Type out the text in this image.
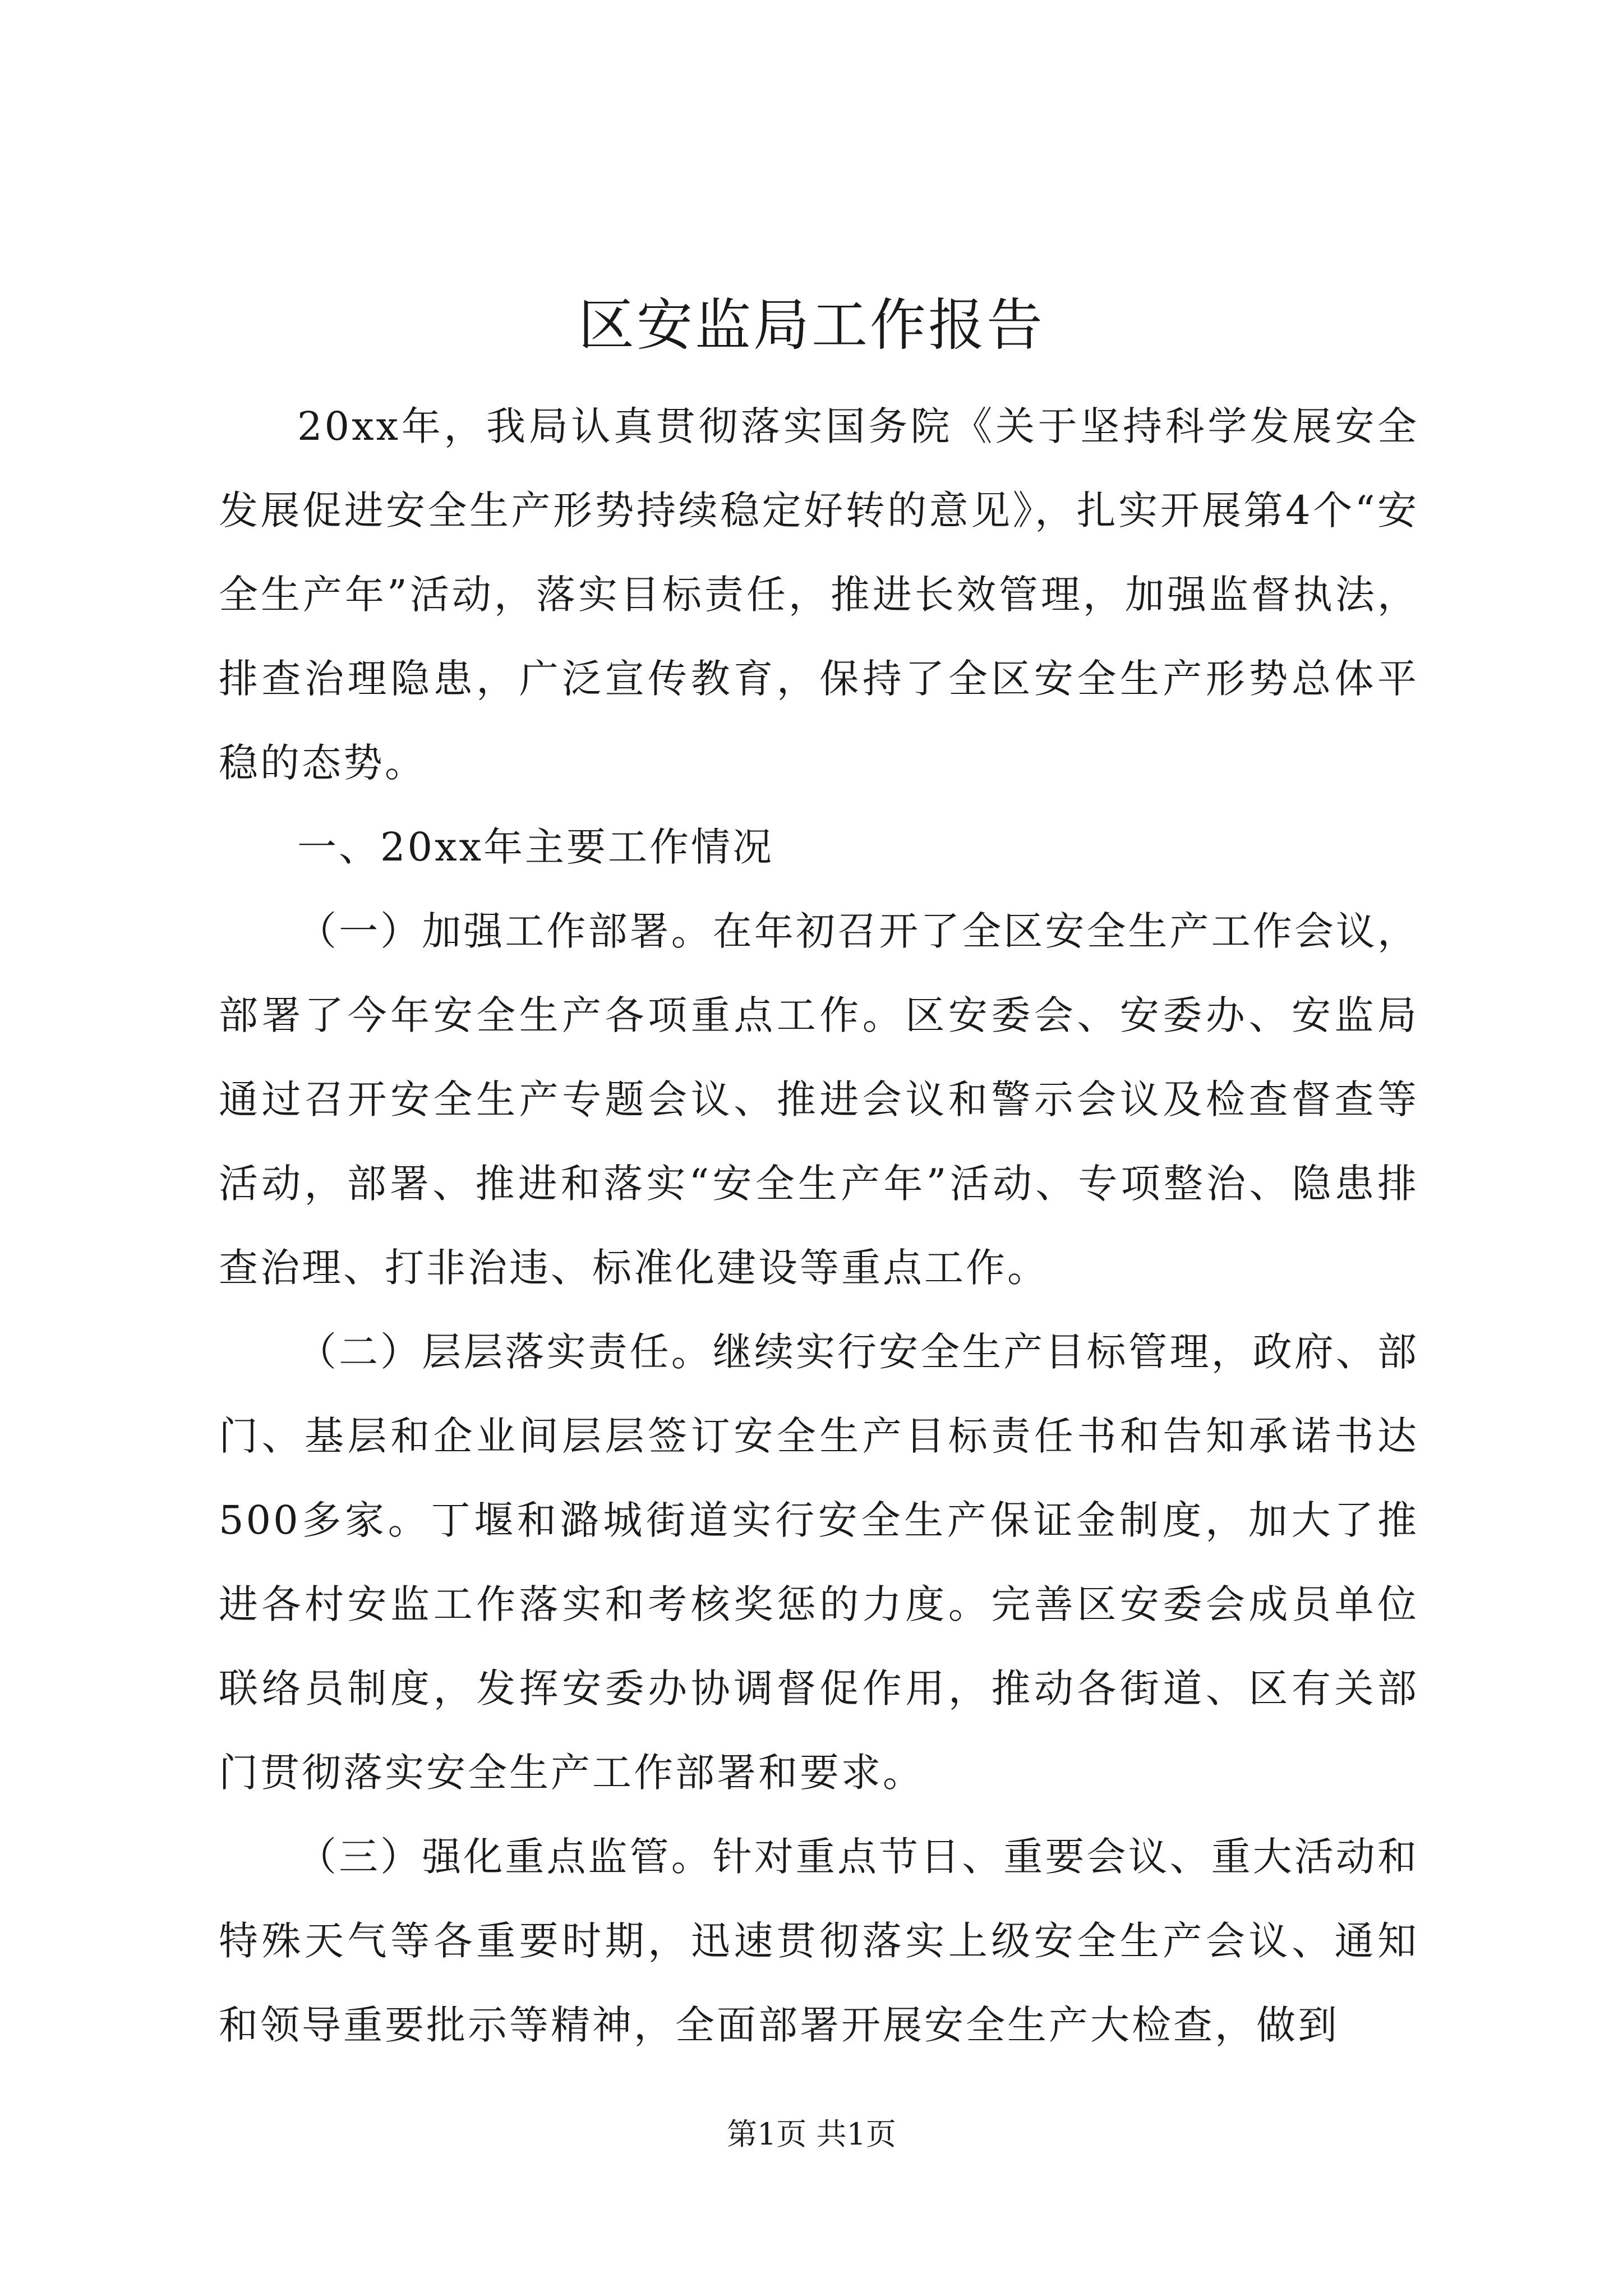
区安监局工作报告

20xx年，我局认真贯彻落实国务院《关于坚持科学发展安全发展促进安全生产形势持续稳定好转的意见》，扎实开展第4个“安全生产年”活动，落实目标责任，推进长效管理，加强监督执法，排查治理隐患，广泛宣传教育，保持了全区安全生产形势总体平稳的态势。

一、20xx年主要工作情况

（一）加强工作部署。在年初召开了全区安全生产工作会议，部署了今年安全生产各项重点工作。区安委会、安委办、安监局通过召开安全生产专题会议、推进会议和警示会议及检查督查等活动，部署、推进和落实“安全生产年”活动、专项整治、隐患排查治理、打非治违、标准化建设等重点工作。

（二）层层落实责任。继续实行安全生产目标管理，政府、部门、基层和企业间层层签订安全生产目标责任书和告知承诺书达500多家。丁堰和潞城街道实行安全生产保证金制度，加大了推进各村安监工作落实和考核奖惩的力度。完善区安委会成员单位联络员制度，发挥安委办协调督促作用，推动各街道、区有关部门贯彻落实安全生产工作部署和要求。

（三）强化重点监管。针对重点节日、重要会议、重大活动和特殊天气等各重要时期，迅速贯彻落实上级安全生产会议、通知和领导重要批示等精神，全面部署开展安全生产大检查，做到

第1页 共1页
